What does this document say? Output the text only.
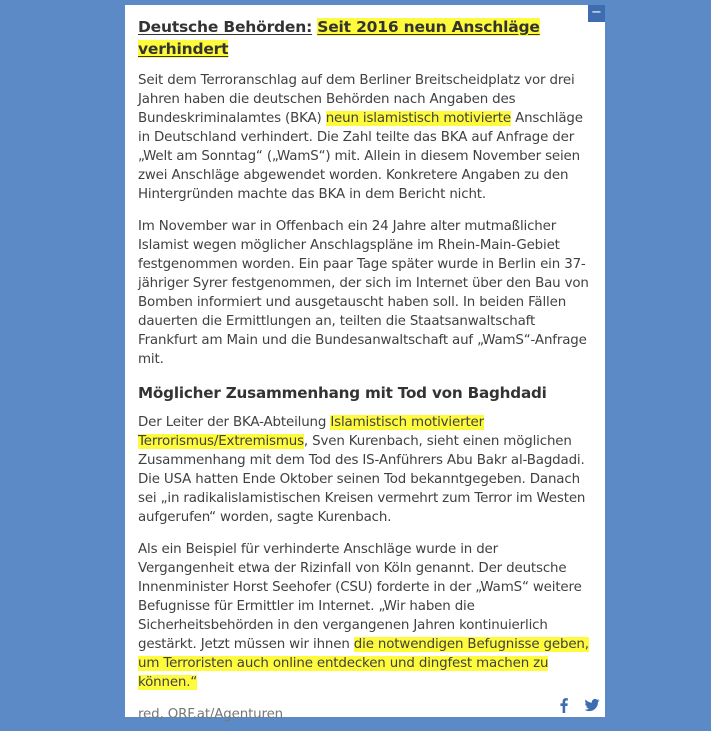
−
Deutsche Behörden: Seit 2016 neun Anschläge verhindert

Seit dem Terroranschlag auf dem Berliner Breitscheidplatz vor drei Jahren haben die deutschen Behörden nach Angaben des Bundeskriminalamtes (BKA) neun islamistisch motivierte Anschläge in Deutschland verhindert. Die Zahl teilte das BKA auf Anfrage der „Welt am Sonntag“ („WamS“) mit. Allein in diesem November seien zwei Anschläge abgewendet worden. Konkretere Angaben zu den Hintergründen machte das BKA in dem Bericht nicht.

Im November war in Offenbach ein 24 Jahre alter mutmaßlicher Islamist wegen möglicher Anschlagspläne im Rhein-Main-Gebiet festgenommen worden. Ein paar Tage später wurde in Berlin ein 37-jähriger Syrer festgenommen, der sich im Internet über den Bau von Bomben informiert und ausgetauscht haben soll. In beiden Fällen dauerten die Ermittlungen an, teilten die Staatsanwaltschaft Frankfurt am Main und die Bundesanwaltschaft auf „WamS“-Anfrage mit.

Möglicher Zusammenhang mit Tod von Baghdadi

Der Leiter der BKA-Abteilung Islamistisch motivierter Terrorismus/Extremismus, Sven Kurenbach, sieht einen möglichen Zusammenhang mit dem Tod des IS-Anführers Abu Bakr al-Bagdadi. Die USA hatten Ende Oktober seinen Tod bekanntgegeben. Danach sei „in radikalislamistischen Kreisen vermehrt zum Terror im Westen aufgerufen“ worden, sagte Kurenbach.

Als ein Beispiel für verhinderte Anschläge wurde in der Vergangenheit etwa der Rizinfall von Köln genannt. Der deutsche Innenminister Horst Seehofer (CSU) forderte in der „WamS“ weitere Befugnisse für Ermittler im Internet. „Wir haben die Sicherheitsbehörden in den vergangenen Jahren kontinuierlich gestärkt. Jetzt müssen wir ihnen die notwendigen Befugnisse geben, um Terroristen auch online entdecken und dingfest machen zu können.“

red, ORF.at/Agenturen
